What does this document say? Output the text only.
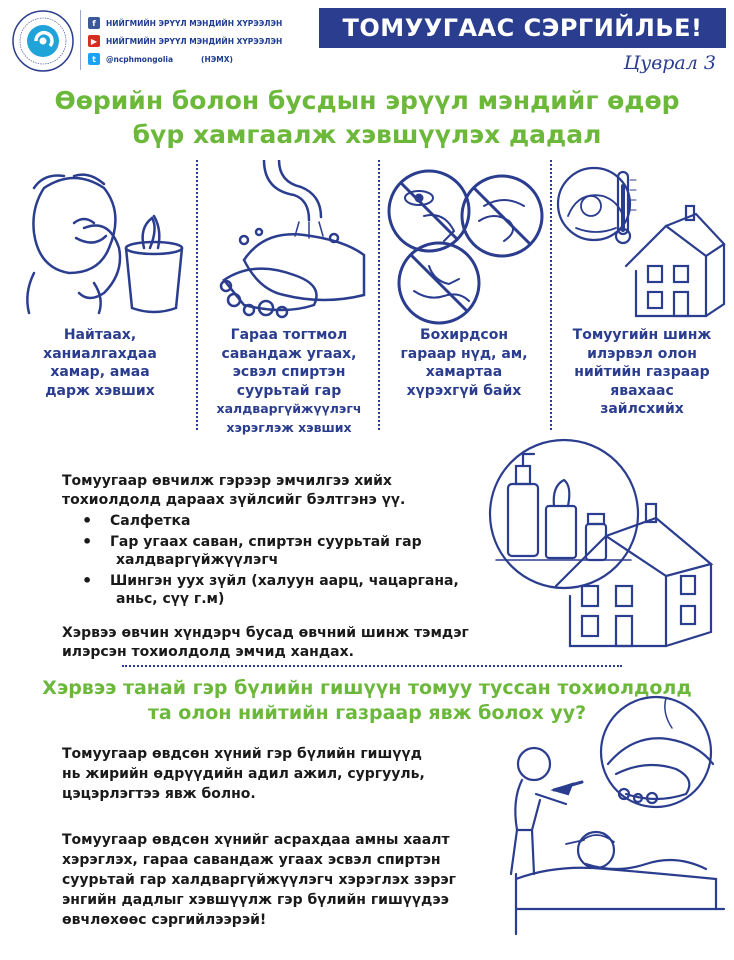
f	НИЙГМИЙН ЭРҮҮЛ МЭНДИЙН ХҮРЭЭЛЭН
▶	НИЙГМИЙН ЭРҮҮЛ МЭНДИЙН ХҮРЭЭЛЭН
t	@ncphmongolia	(НЭМХ)
ТОМУУГААС СЭРГИЙЛЬЕ!
Цуврал 3
Өөрийн болон бусдын эрүүл мэндийг өдөр
бүр хамгаалж хэвшүүлэх дадал
Найтаах,
ханиалгахдаа
хамар, амаа
дарж хэвших
Гараа тогтмол
савандаж угаах,
эсвэл спиртэн
суурьтай гар
халдваргүйжүүлэгч
хэрэглэж хэвших
Бохирдсон
гараар нүд, ам,
хамартаа
хүрэхгүй байх
Томуугийн шинж
илэрвэл олон
нийтийн газраар
явахаас
зайлсхийх
Томуугаар өвчилж гэрээр эмчилгээ хийх
тохиолдолд дараах зүйлсийг бэлтгэнэ үү.
• Салфетка
• Гар угаах саван, спиртэн суурьтай гар
халдваргүйжүүлэгч
• Шингэн уух зүйл (халуун аарц, чацаргана,
аньс, сүү г.м)
Хэрвээ өвчин хүндэрч бусад өвчний шинж тэмдэг
илэрсэн тохиолдолд эмчид хандах.
Хэрвээ танай гэр бүлийн гишүүн томуу туссан тохиолдолд
та олон нийтийн газраар явж болох уу?
Томуугаар өвдсөн хүний гэр бүлийн гишүүд
нь жирийн өдрүүдийн адил ажил, сургууль,
цэцэрлэгтээ явж болно.
Томуугаар өвдсөн хүнийг асрахдаа амны хаалт
хэрэглэх, гараа савандаж угаах эсвэл спиртэн
суурьтай гар халдваргүйжүүлэгч хэрэглэх зэрэг
энгийн дадлыг хэвшүүлж гэр бүлийн гишүүдээ
өвчлөхөөс сэргийлээрэй!
